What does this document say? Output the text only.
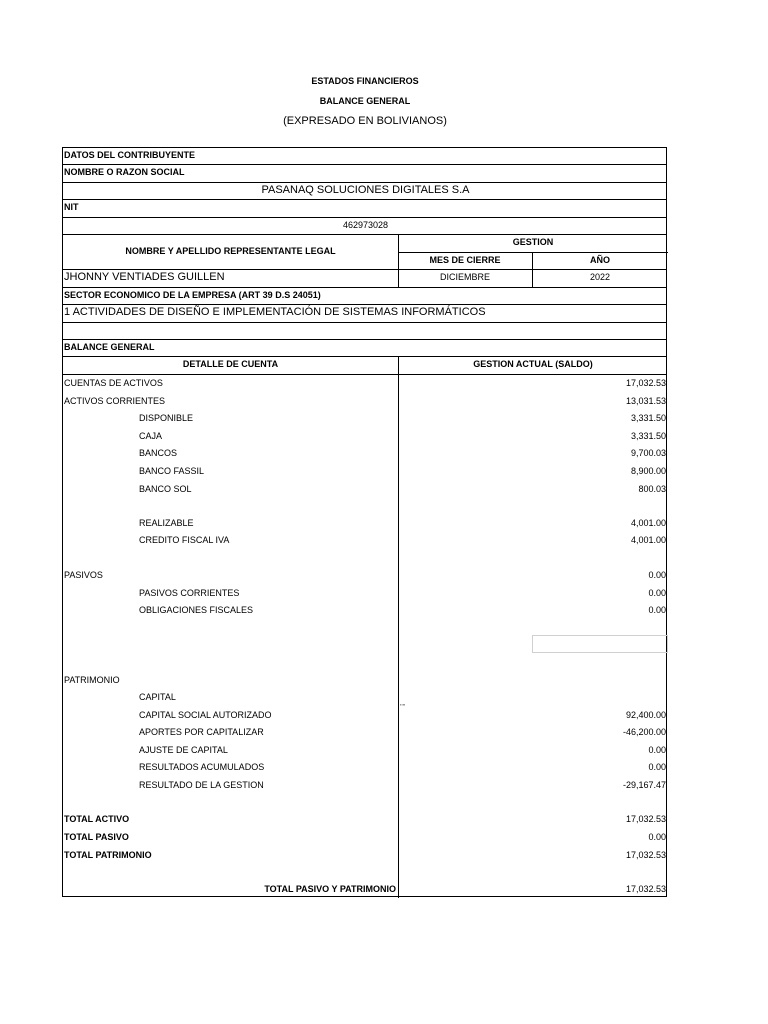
ESTADOS FINANCIEROS
BALANCE GENERAL
(EXPRESADO EN BOLIVIANOS)
DATOS DEL CONTRIBUYENTE
NOMBRE O RAZON SOCIAL
PASANAQ SOLUCIONES DIGITALES S.A
NIT
462973028
NOMBRE Y APELLIDO REPRESENTANTE LEGAL
GESTION
MES DE CIERRE	AÑO
JHONNY VENTIADES GUILLEN	DICIEMBRE	2022
SECTOR ECONOMICO DE LA EMPRESA (ART 39 D.S 24051)
1 ACTIVIDADES DE DISEÑO E IMPLEMENTACIÓN DE SISTEMAS INFORMÁTICOS
BALANCE GENERAL
DETALLE DE CUENTA	GESTION ACTUAL (SALDO)
CUENTAS DE ACTIVOS	17,032.53
ACTIVOS CORRIENTES	13,031.53
DISPONIBLE	3,331.50
CAJA	3,331.50
BANCOS	9,700.03
BANCO FASSIL	8,900.00
BANCO SOL	800.03
REALIZABLE	4,001.00
CREDITO FISCAL IVA	4,001.00
PASIVOS	0.00
PASIVOS CORRIENTES	0.00
OBLIGACIONES FISCALES	0.00
PATRIMONIO
CAPITAL
''''
CAPITAL SOCIAL AUTORIZADO	92,400.00
APORTES POR CAPITALIZAR	-46,200.00
AJUSTE DE CAPITAL	0.00
RESULTADOS ACUMULADOS	0.00
RESULTADO DE LA GESTION	-29,167.47
TOTAL ACTIVO	17,032.53
TOTAL PASIVO	0.00
TOTAL PATRIMONIO	17,032.53
TOTAL PASIVO Y PATRIMONIO	17,032.53
